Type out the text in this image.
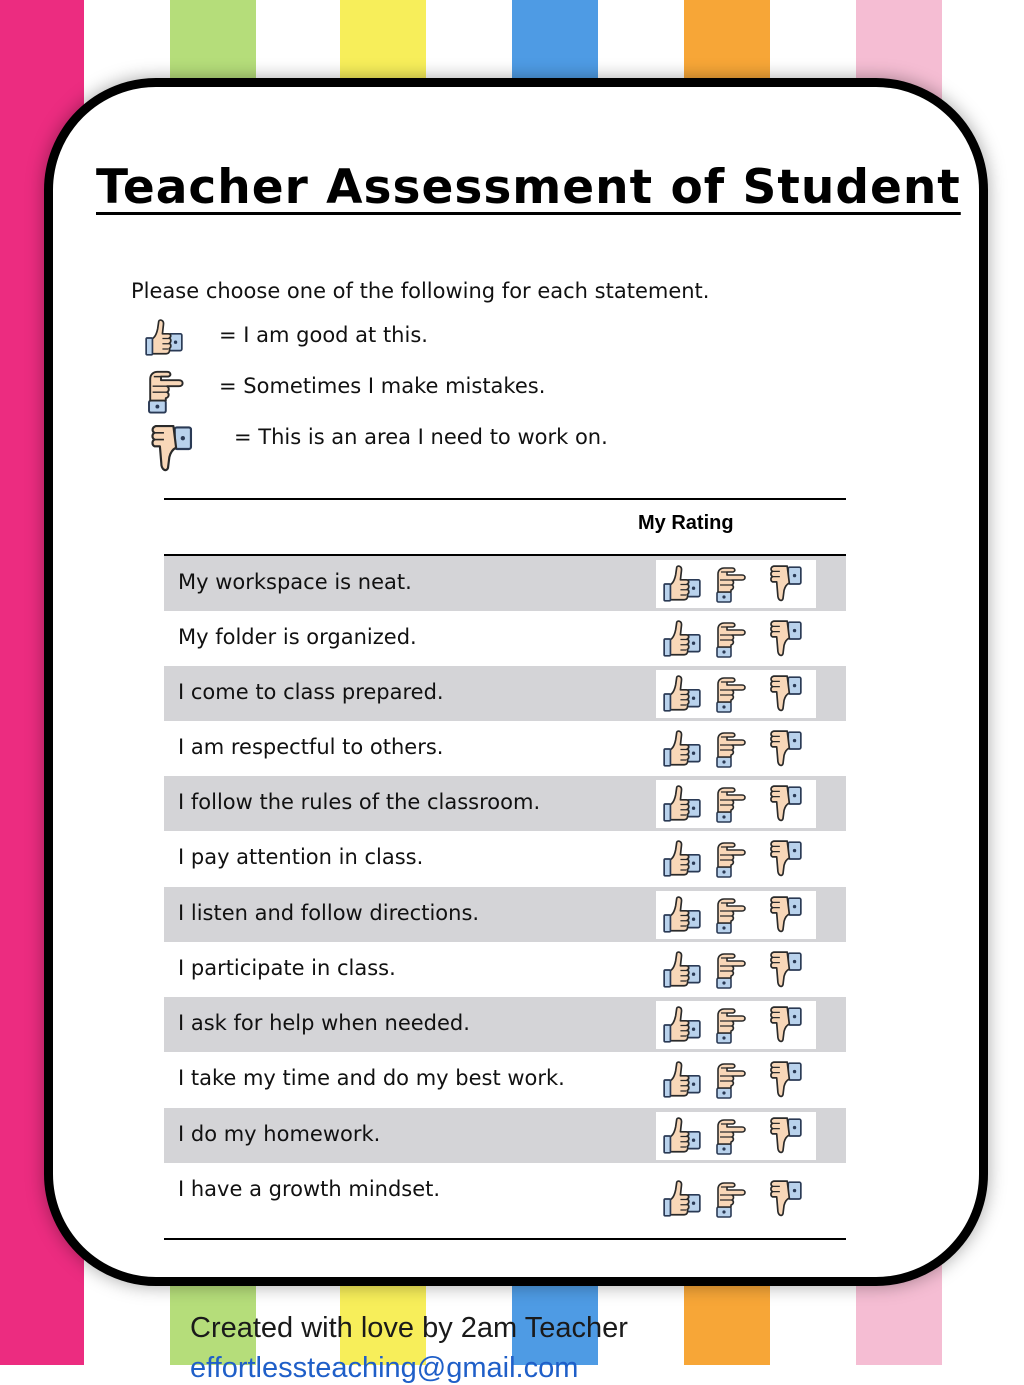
Teacher Assessment of Student
Please choose one of the following for each statement.
= I am good at this.
= Sometimes I make mistakes.
= This is an area I need to work on.
My Rating
My workspace is neat.
My folder is organized.
I come to class prepared.
I am respectful to others.
I follow the rules of the classroom.
I pay attention in class.
I listen and follow directions.
I participate in class.
I ask for help when needed.
I take my time and do my best work.
I do my homework.
I have a growth mindset.
Created with love by 2am Teacher
effortlessteaching@gmail.com
